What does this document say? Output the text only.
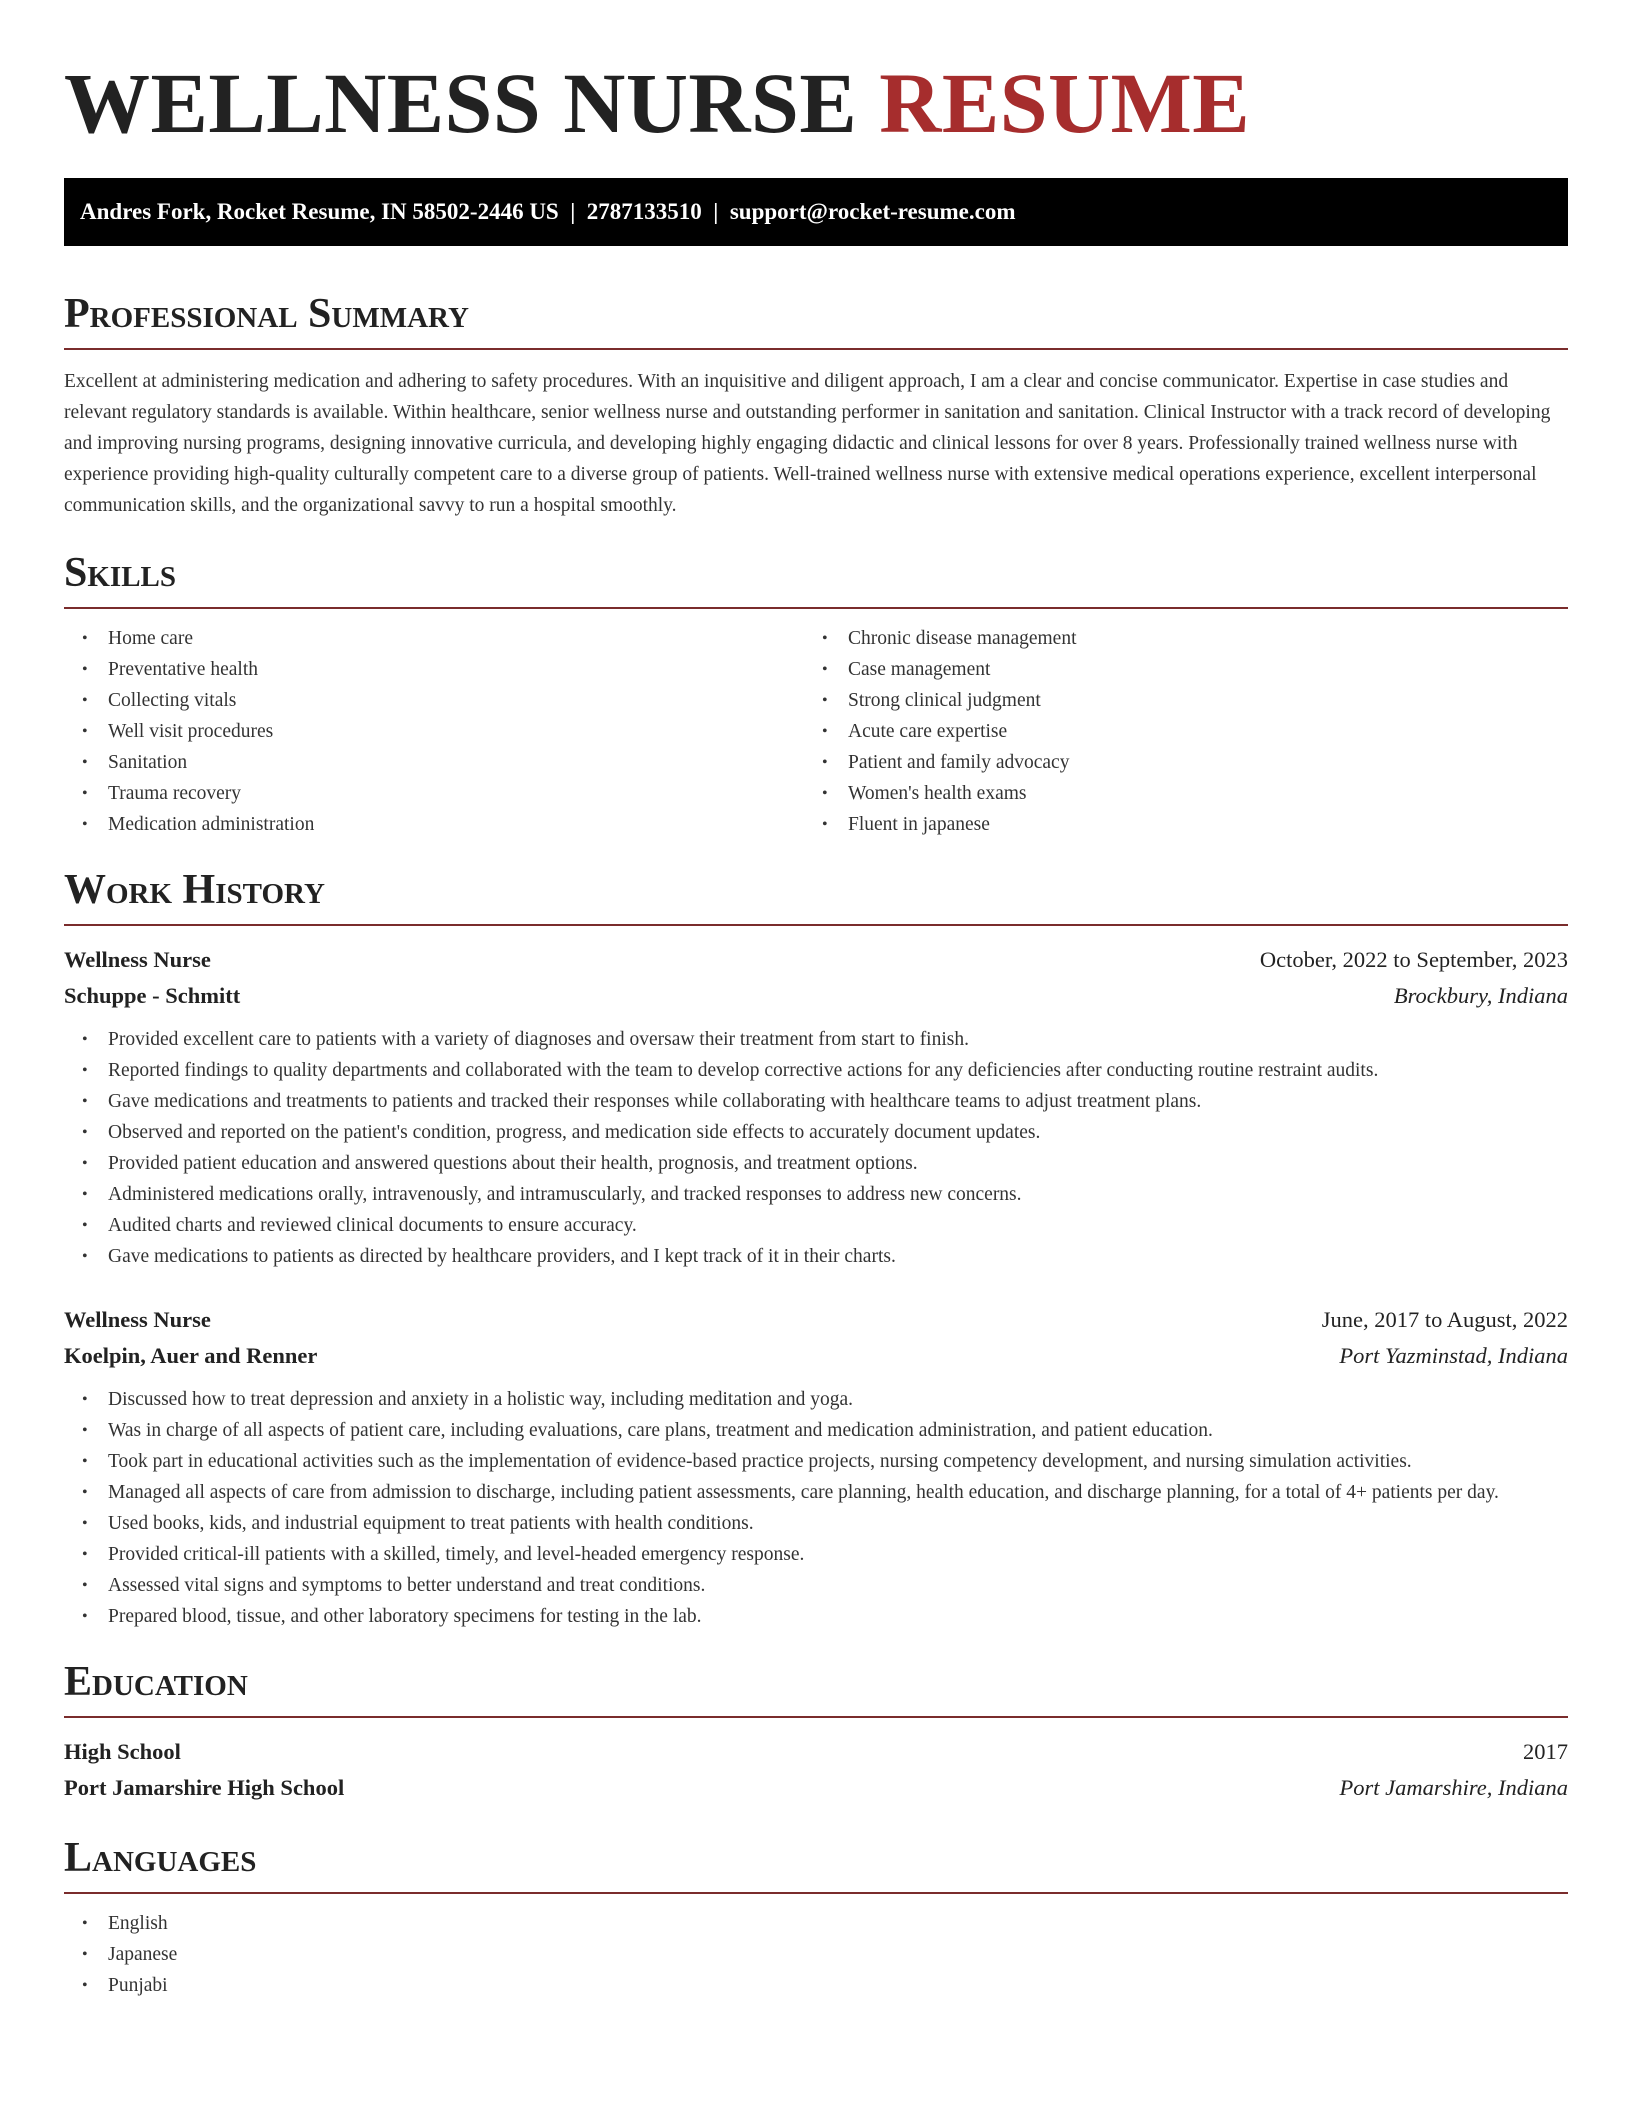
WELLNESS NURSE RESUME
Andres Fork, Rocket Resume, IN 58502-2446 US  |  2787133510  |  support@rocket-resume.com
Professional Summary

Excellent at administering medication and adhering to safety procedures. With an inquisitive and diligent approach, I am a clear and concise communicator. Expertise in case studies and relevant regulatory standards is available. Within healthcare, senior wellness nurse and outstanding performer in sanitation and sanitation. Clinical Instructor with a track record of developing and improving nursing programs, designing innovative curricula, and developing highly engaging didactic and clinical lessons for over 8 years. Professionally trained wellness nurse with experience providing high-quality culturally competent care to a diverse group of patients. Well-trained wellness nurse with extensive medical operations experience, excellent interpersonal communication skills, and the organizational savvy to run a hospital smoothly.

Skills
• Home care
• Preventative health
• Collecting vitals
• Well visit procedures
• Sanitation
• Trauma recovery
• Medication administration
• Chronic disease management
• Case management
• Strong clinical judgment
• Acute care expertise
• Patient and family advocacy
• Women's health exams
• Fluent in japanese
Work History
Wellness Nurse	October, 2022 to September, 2023
Schuppe - Schmitt	Brockbury, Indiana
• Provided excellent care to patients with a variety of diagnoses and oversaw their treatment from start to finish.
• Reported findings to quality departments and collaborated with the team to develop corrective actions for any deficiencies after conducting routine restraint audits.
• Gave medications and treatments to patients and tracked their responses while collaborating with healthcare teams to adjust treatment plans.
• Observed and reported on the patient's condition, progress, and medication side effects to accurately document updates.
• Provided patient education and answered questions about their health, prognosis, and treatment options.
• Administered medications orally, intravenously, and intramuscularly, and tracked responses to address new concerns.
• Audited charts and reviewed clinical documents to ensure accuracy.
• Gave medications to patients as directed by healthcare providers, and I kept track of it in their charts.
Wellness Nurse	June, 2017 to August, 2022
Koelpin, Auer and Renner	Port Yazminstad, Indiana
• Discussed how to treat depression and anxiety in a holistic way, including meditation and yoga.
• Was in charge of all aspects of patient care, including evaluations, care plans, treatment and medication administration, and patient education.
• Took part in educational activities such as the implementation of evidence-based practice projects, nursing competency development, and nursing simulation activities.
• Managed all aspects of care from admission to discharge, including patient assessments, care planning, health education, and discharge planning, for a total of 4+ patients per day.
• Used books, kids, and industrial equipment to treat patients with health conditions.
• Provided critical-ill patients with a skilled, timely, and level-headed emergency response.
• Assessed vital signs and symptoms to better understand and treat conditions.
• Prepared blood, tissue, and other laboratory specimens for testing in the lab.
Education
High School	2017
Port Jamarshire High School	Port Jamarshire, Indiana
Languages
• English
• Japanese
• Punjabi
